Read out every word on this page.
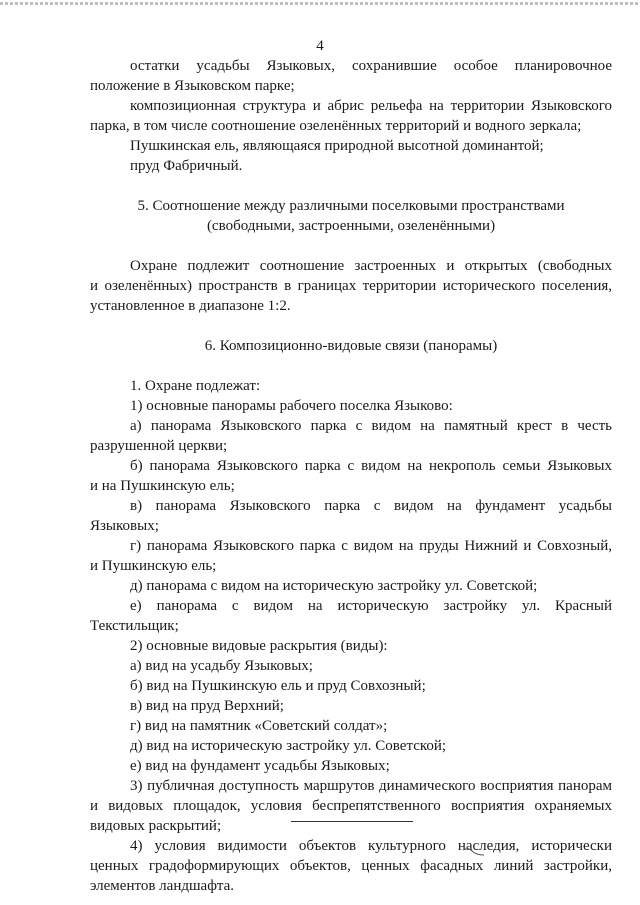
4

остатки усадьбы Языковых, сохранившие особое планировочное

положение в Языковском парке;

композиционная структура и абрис рельефа на территории Языковского

парка, в том числе соотношение озеленённых территорий и водного зеркала;

Пушкинская ель, являющаяся природной высотной доминантой;

пруд Фабричный.

5. Соотношение между различными поселковыми пространствами

(свободными, застроенными, озеленёнными)

Охране подлежит соотношение застроенных и открытых (свободных

и озеленённых) пространств в границах территории исторического поселения,

установленное в диапазоне 1:2.

6. Композиционно-видовые связи (панорамы)

1. Охране подлежат:

1) основные панорамы рабочего поселка Языково:

а) панорама Языковского парка с видом на памятный крест в честь

разрушенной церкви;

б) панорама Языковского парка с видом на некрополь семьи Языковых

и на Пушкинскую ель;

в) панорама Языковского парка с видом на фундамент усадьбы

Языковых;

г) панорама Языковского парка с видом на пруды Нижний и Совхозный,

и Пушкинскую ель;

д) панорама с видом на историческую застройку ул. Советской;

е) панорама с видом на историческую застройку ул. Красный

Текстильщик;

2) основные видовые раскрытия (виды):

а) вид на усадьбу Языковых;

б) вид на Пушкинскую ель и пруд Совхозный;

в) вид на пруд Верхний;

г) вид на памятник «Советский солдат»;

д) вид на историческую застройку ул. Советской;

е) вид на фундамент усадьбы Языковых;

3) публичная доступность маршрутов динамического восприятия панорам

и видовых площадок, условия беспрепятственного восприятия охраняемых

видовых раскрытий;

4) условия видимости объектов культурного наследия, исторически

ценных градоформирующих объектов, ценных фасадных линий застройки,

элементов ландшафта.
